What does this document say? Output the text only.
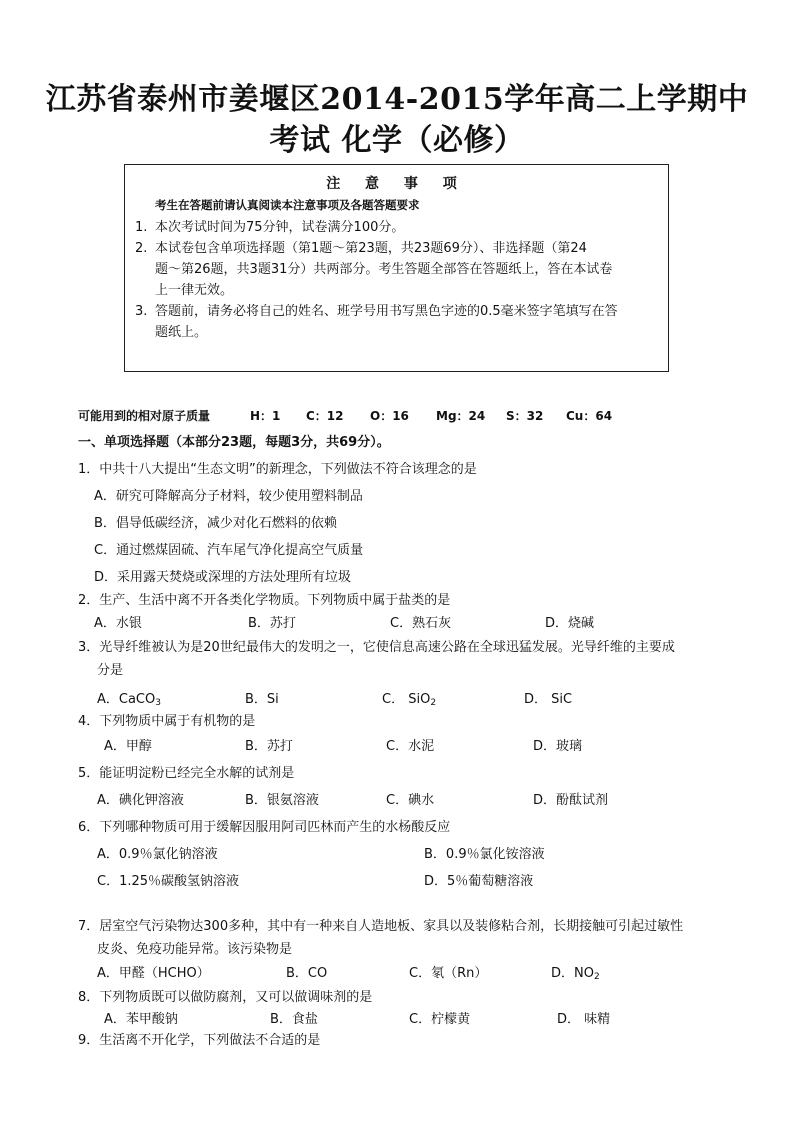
江苏省泰州市姜堰区2014-2015学年高二上学期中
考试 化学（必修）
注 意 事 项
考生在答题前请认真阅读本注意事项及各题答题要求
1. 本次考试时间为75分钟，试卷满分100分。
2. 本试卷包含单项选择题（第1题～第23题，共23题69分）、非选择题（第24
题～第26题，共3题31分）共两部分。考生答题全部答在答题纸上，答在本试卷
上一律无效。
3. 答题前，请务必将自己的姓名、班学号用书写黑色字迹的0.5毫米签字笔填写在答
题纸上。
可能用到的相对原子质量	H：1 C：12 O：16 Mg：24 S：32 Cu：64
一、单项选择题（本部分23题，每题3分，共69分）。
1．中共十八大提出“生态文明”的新理念，下列做法不符合该理念的是
A．研究可降解高分子材料，较少使用塑料制品
B．倡导低碳经济，减少对化石燃料的依赖
C．通过燃煤固硫、汽车尾气净化提高空气质量
D．采用露天焚烧或深埋的方法处理所有垃圾
2．生产、生活中离不开各类化学物质。下列物质中属于盐类的是
A．水银	B．苏打	C．熟石灰	D．烧碱
3．光导纤维被认为是20世纪最伟大的发明之一，它使信息高速公路在全球迅猛发展。光导纤维的主要成
分是
A．CaCO$_3$	B．Si	C． SiO$_2$	D． SiC
4．下列物质中属于有机物的是
A．甲醇	B．苏打	C．水泥	D．玻璃
5．能证明淀粉已经完全水解的试剂是
A．碘化钾溶液	B．银氨溶液	C．碘水	D．酚酞试剂
6．下列哪种物质可用于缓解因服用阿司匹林而产生的水杨酸反应
A．0.9％氯化钠溶液	B．0.9％氯化铵溶液
C．1.25％碳酸氢钠溶液	D．5％葡萄糖溶液
7．居室空气污染物达300多种，其中有一种来自人造地板、家具以及装修粘合剂，长期接触可引起过敏性
皮炎、免疫功能异常。该污染物是
A．甲醛（HCHO）	B．CO	C．氡（Rn）	D．$NO_2$
8．下列物质既可以做防腐剂，又可以做调味剂的是
A．苯甲酸钠	B．食盐	C．柠檬黄	D． 味精
9．生活离不开化学，下列做法不合适的是
